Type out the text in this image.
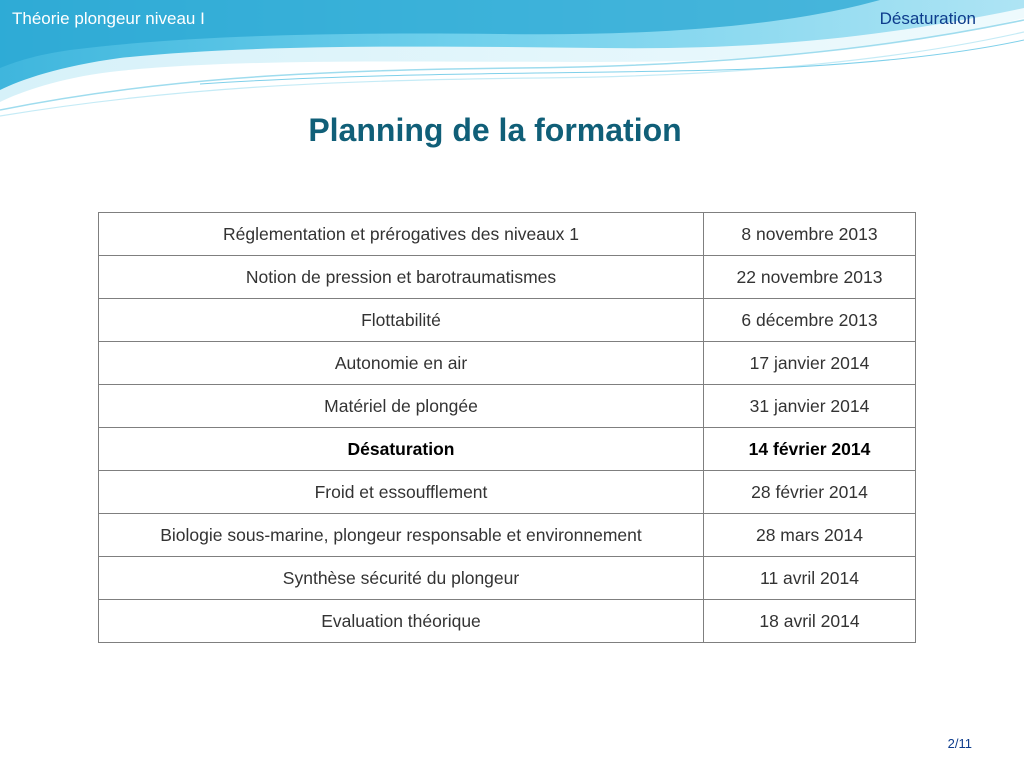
Théorie plongeur niveau I	Désaturation
Planning de la formation
Réglementation et prérogatives des niveaux 1	8 novembre 2013
Notion de pression et barotraumatismes	22 novembre 2013
Flottabilité	6 décembre 2013
Autonomie en air	17 janvier 2014
Matériel de plongée	31 janvier 2014
Désaturation	14 février 2014
Froid et essoufflement	28 février 2014
Biologie sous-marine, plongeur responsable et environnement	28 mars 2014
Synthèse sécurité du plongeur	11 avril 2014
Evaluation théorique	18 avril 2014
2/11
